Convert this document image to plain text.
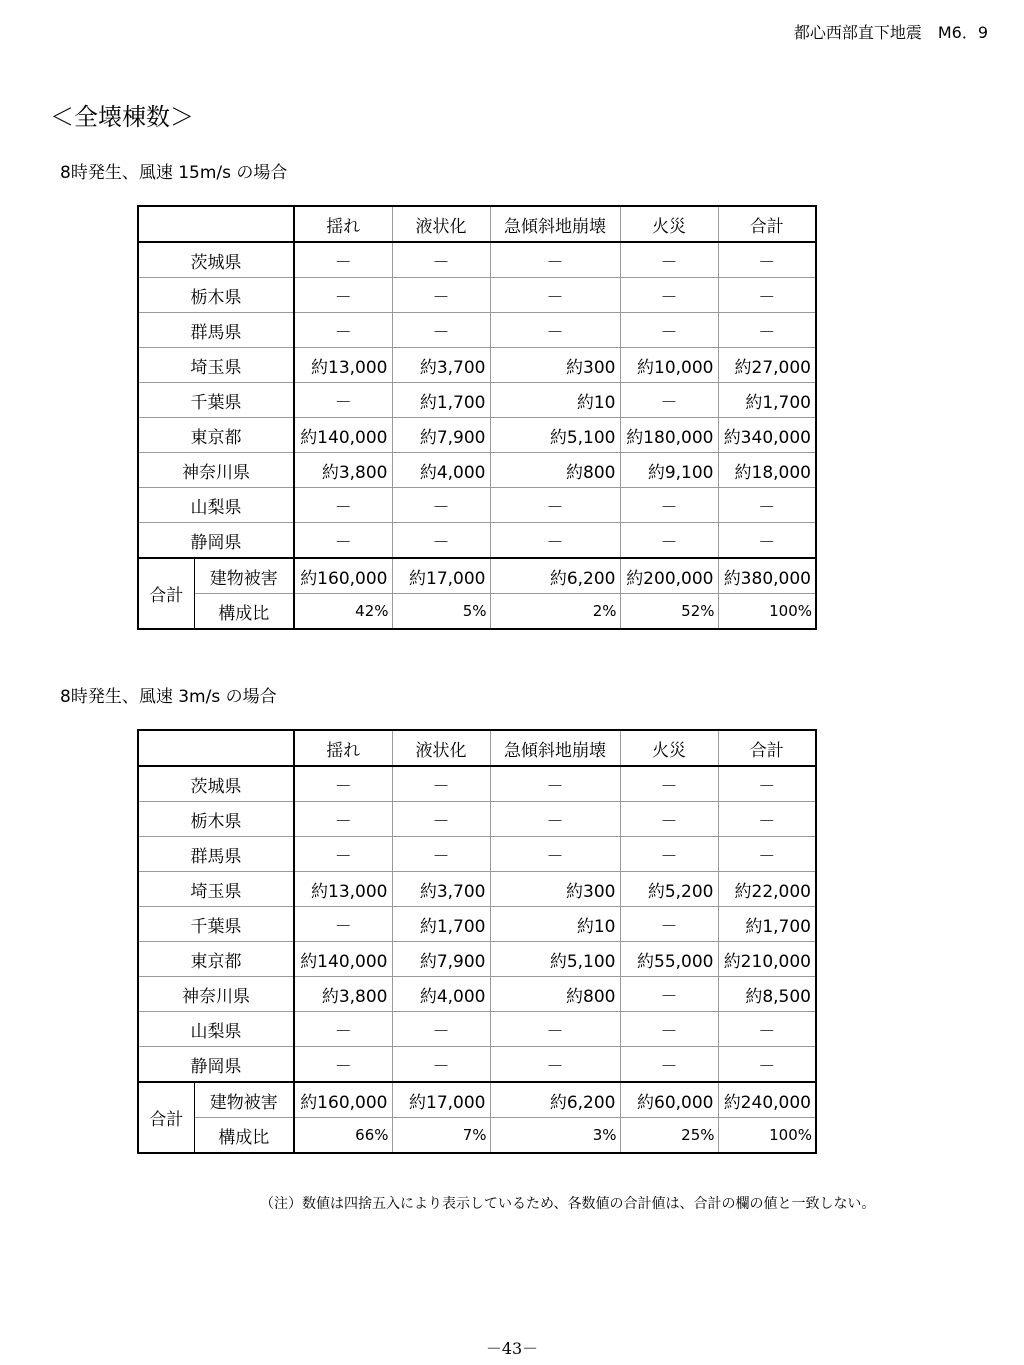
都心西部直下地震　M6．9
＜全壊棟数＞
8時発生、風速 15m/s の場合
		揺れ	液状化	急傾斜地崩壊	火災	合計
茨城県		－	－	－	－	－
栃木県		－	－	－	－	－
群馬県		－	－	－	－	－
埼玉県		約13,000	約3,700	約300	約10,000	約27,000
千葉県		－	約1,700	約10	－	約1,700
東京都		約140,000	約7,900	約5,100	約180,000	約340,000
神奈川県		約3,800	約4,000	約800	約9,100	約18,000
山梨県		－	－	－	－	－
静岡県		－	－	－	－	－
合計	建物被害	約160,000	約17,000	約6,200	約200,000	約380,000
	構成比	42%	5%	2%	52%	100%
8時発生、風速 3m/s の場合
		揺れ	液状化	急傾斜地崩壊	火災	合計
茨城県		－	－	－	－	－
栃木県		－	－	－	－	－
群馬県		－	－	－	－	－
埼玉県		約13,000	約3,700	約300	約5,200	約22,000
千葉県		－	約1,700	約10	－	約1,700
東京都		約140,000	約7,900	約5,100	約55,000	約210,000
神奈川県		約3,800	約4,000	約800	－	約8,500
山梨県		－	－	－	－	－
静岡県		－	－	－	－	－
合計	建物被害	約160,000	約17,000	約6,200	約60,000	約240,000
	構成比	66%	7%	3%	25%	100%
（注）数値は四捨五入により表示しているため、各数値の合計値は、合計の欄の値と一致しない。
－43－
